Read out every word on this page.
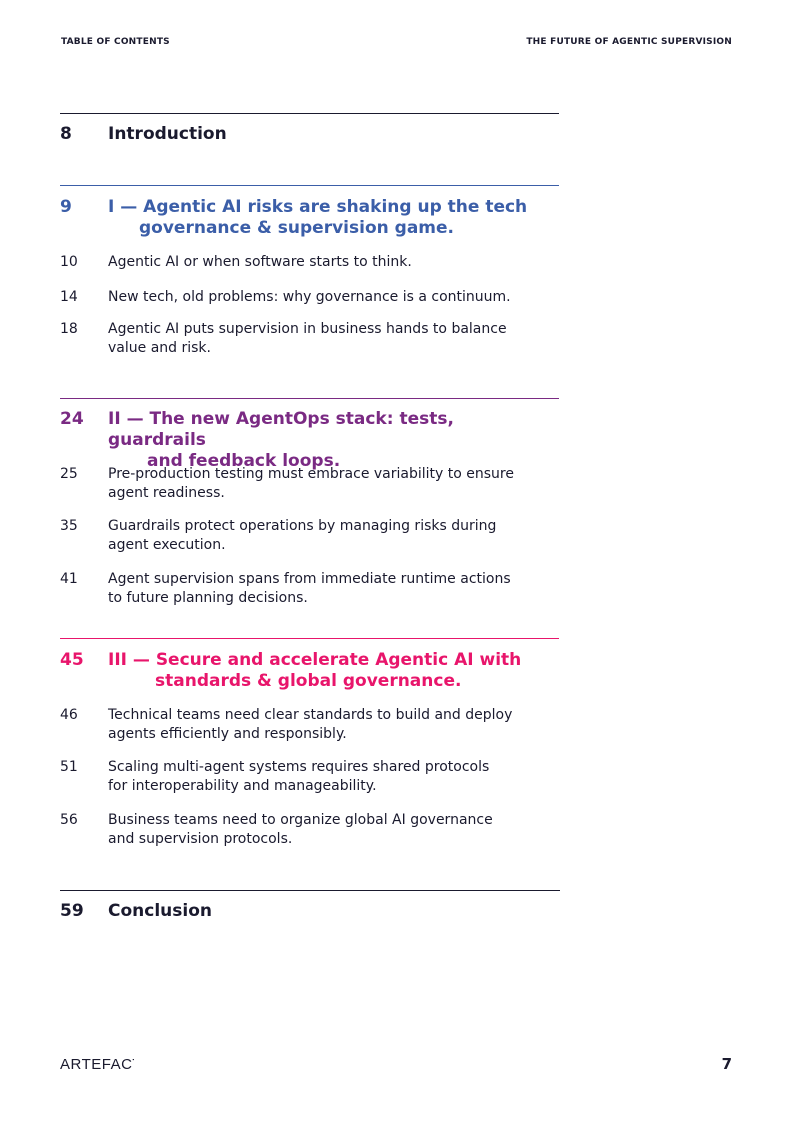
TABLE OF CONTENTS	THE FUTURE OF AGENTIC SUPERVISION
8 Introduction
9 I — Agentic AI risks are shaking up the tech
governance & supervision game.
10 Agentic AI or when software starts to think.
14 New tech, old problems: why governance is a continuum.
18 Agentic AI puts supervision in business hands to balance
value and risk.
24 II — The new AgentOps stack: tests, guardrails
and feedback loops.
25 Pre-production testing must embrace variability to ensure
agent readiness.
35 Guardrails protect operations by managing risks during
agent execution.
41 Agent supervision spans from immediate runtime actions
to future planning decisions.
45 III — Secure and accelerate Agentic AI with
standards & global governance.
46 Technical teams need clear standards to build and deploy
agents efficiently and responsibly.
51 Scaling multi-agent systems requires shared protocols
for interoperability and manageability.
56 Business teams need to organize global AI governance
and supervision protocols.
59 Conclusion
ARTEFACT	7
